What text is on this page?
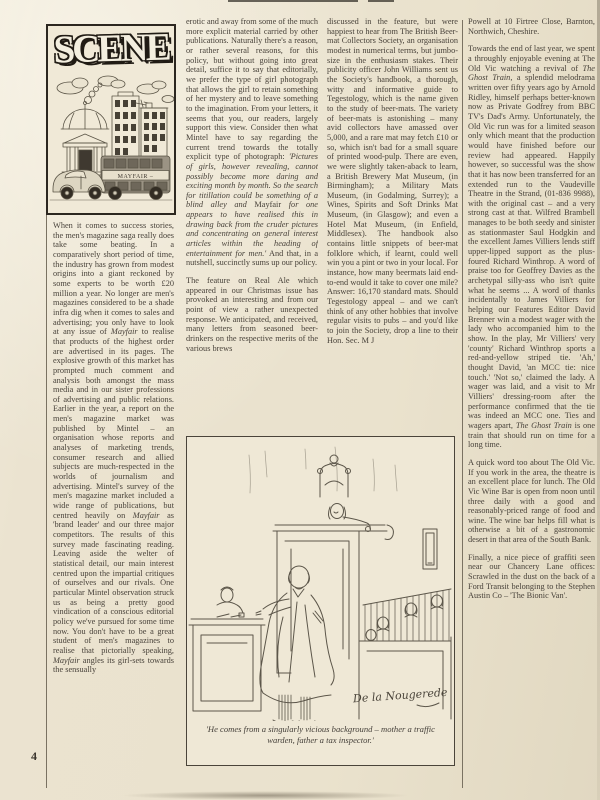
SCENE
MAYFAIR –

When it comes to success stories, the men's magazine saga really does take some beating. In a comparatively short period of time, the industry has grown from modest origins into a giant reckoned by some experts to be worth £20 million a year. No longer are men's magazines considered to be a shade infra dig when it comes to sales and advertising; you only have to look at any issue of Mayfair to realise that products of the highest order are advertised in its pages. The explosive growth of this market has prompted much comment and analysis both amongst the mass media and in our sister professions of advertising and public relations. Earlier in the year, a report on the men's magazine market was published by Mintel – an organisation whose reports and analyses of marketing trends, consumer research and allied subjects are much-respected in the worlds of journalism and advertising. Mintel's survey of the men's magazine market included a wide range of publications, but centred heavily on Mayfair as 'brand leader' and our three major competitors. The results of this survey made fascinating reading. Leaving aside the welter of statistical detail, our main interest centred upon the impartial critiques of ourselves and our rivals. One particular Mintel observation struck us as being a pretty good vindication of a conscious editorial policy we've pursued for some time now. You don't have to be a great student of men's magazines to realise that pictorially speaking, Mayfair angles its girl-sets towards the sensually

erotic and away from some of the much more explicit material carried by other publications. Naturally there's a reason, or rather several reasons, for this policy, but without going into great detail, suffice it to say that editorially, we prefer the type of girl photograph that allows the girl to retain something of her mystery and to leave something to the imagination. From your letters, it seems that you, our readers, largely support this view. Consider then what Mintel have to say regarding the current trend towards the totally explicit type of photograph: 'Pictures of girls, however revealing, cannot possibly become more daring and exciting month by month. So the search for titillation could be something of a blind alley and Mayfair for one appears to have realised this in drawing back from the cruder pictures and concentrating on general interest articles within the heading of entertainment for men.' And that, in a nutshell, succinctly sums up our policy.

The feature on Real Ale which appeared in our Christmas issue has provoked an interesting and from our point of view a rather unexpected response. We anticipated, and received, many letters from seasoned beer-drinkers on the respective merits of the various brews

discussed in the feature, but were happiest to hear from The British Beer-mat Collectors Society, an organisation modest in numerical terms, but jumbo-size in the enthusiasm stakes. Their publicity officer John Williams sent us the Society's handbook, a thorough, witty and informative guide to Tegestology, which is the name given to the study of beer-mats. The variety of beer-mats is astonishing – many avid collectors have amassed over 5,000, and a rare mat may fetch £10 or so, which isn't bad for a small square of printed wood-pulp. There are even, we were slightly taken-aback to learn, a British Brewery Mat Museum, (in Birmingham); a Military Mats Museum, (in Godalming, Surrey); a Wines, Spirits and Soft Drinks Mat Museum, (in Glasgow); and even a Hotel Mat Museum, (in Enfield, Middlesex). The handbook also contains little snippets of beer-mat folklore which, if learnt, could well win you a pint or two in your local. For instance, how many beermats laid end-to-end would it take to cover one mile? Answer: 16,170 standard mats. Should Tegestology appeal – and we can't think of any other hobbies that involve regular visits to pubs – and you'd like to join the Society, drop a line to their Hon. Sec. M J

Powell at 10 Firtree Close, Barnton, Northwich, Cheshire.

Towards the end of last year, we spent a throughly enjoyable evening at The Old Vic watching a revival of The Ghost Train, a splendid melodrama written over fifty years ago by Arnold Ridley, himself perhaps better-known now as Private Godfrey from BBC TV's Dad's Army. Unfortunately, the Old Vic run was for a limited season only which meant that the production would have finished before our review had appeared. Happily however, so successful was the show that it has now been transferred for an extended run to the Vaudeville Theatre in the Strand, (01-836 9988), with the original cast – and a very strong cast at that. Wilfred Brambell manages to be both seedy and sinister as stationmaster Saul Hodgkin and the excellent James Villiers lends stiff upper-lipped support as the plus-foured Richard Winthrop. A word of praise too for Geoffrey Davies as the archetypal silly-ass who isn't quite what he seems ... A word of thanks incidentally to James Villiers for helping our Features Editor David Brenner win a modest wager with the lady who accompanied him to the show. In the play, Mr Villiers' very 'county' Richard Winthrop sports a red-and-yellow striped tie. 'Ah,' thought David, 'an MCC tie: nice touch.' 'Not so,' claimed the lady. A wager was laid, and a visit to Mr Villiers' dressing-room after the performance confirmed that the tie was indeed an MCC one. Ties and wagers apart, The Ghost Train is one train that should run on time for a long time.

A quick word too about The Old Vic. If you work in the area, the theatre is an excellent place for lunch. The Old Vic Wine Bar is open from noon until three daily with a good and reasonably-priced range of food and wine. The wine bar helps fill what is otherwise a bit of a gastronomic desert in that area of the South Bank.

Finally, a nice piece of graffiti seen near our Chancery Lane offices: Scrawled in the dust on the back of a Ford Transit belonging to the Stephen Austin Co – 'The Bionic Van'.

De la Nougerede
'He comes from a singularly vicious background – mother a traffic warden, father a tax inspector.'
4
